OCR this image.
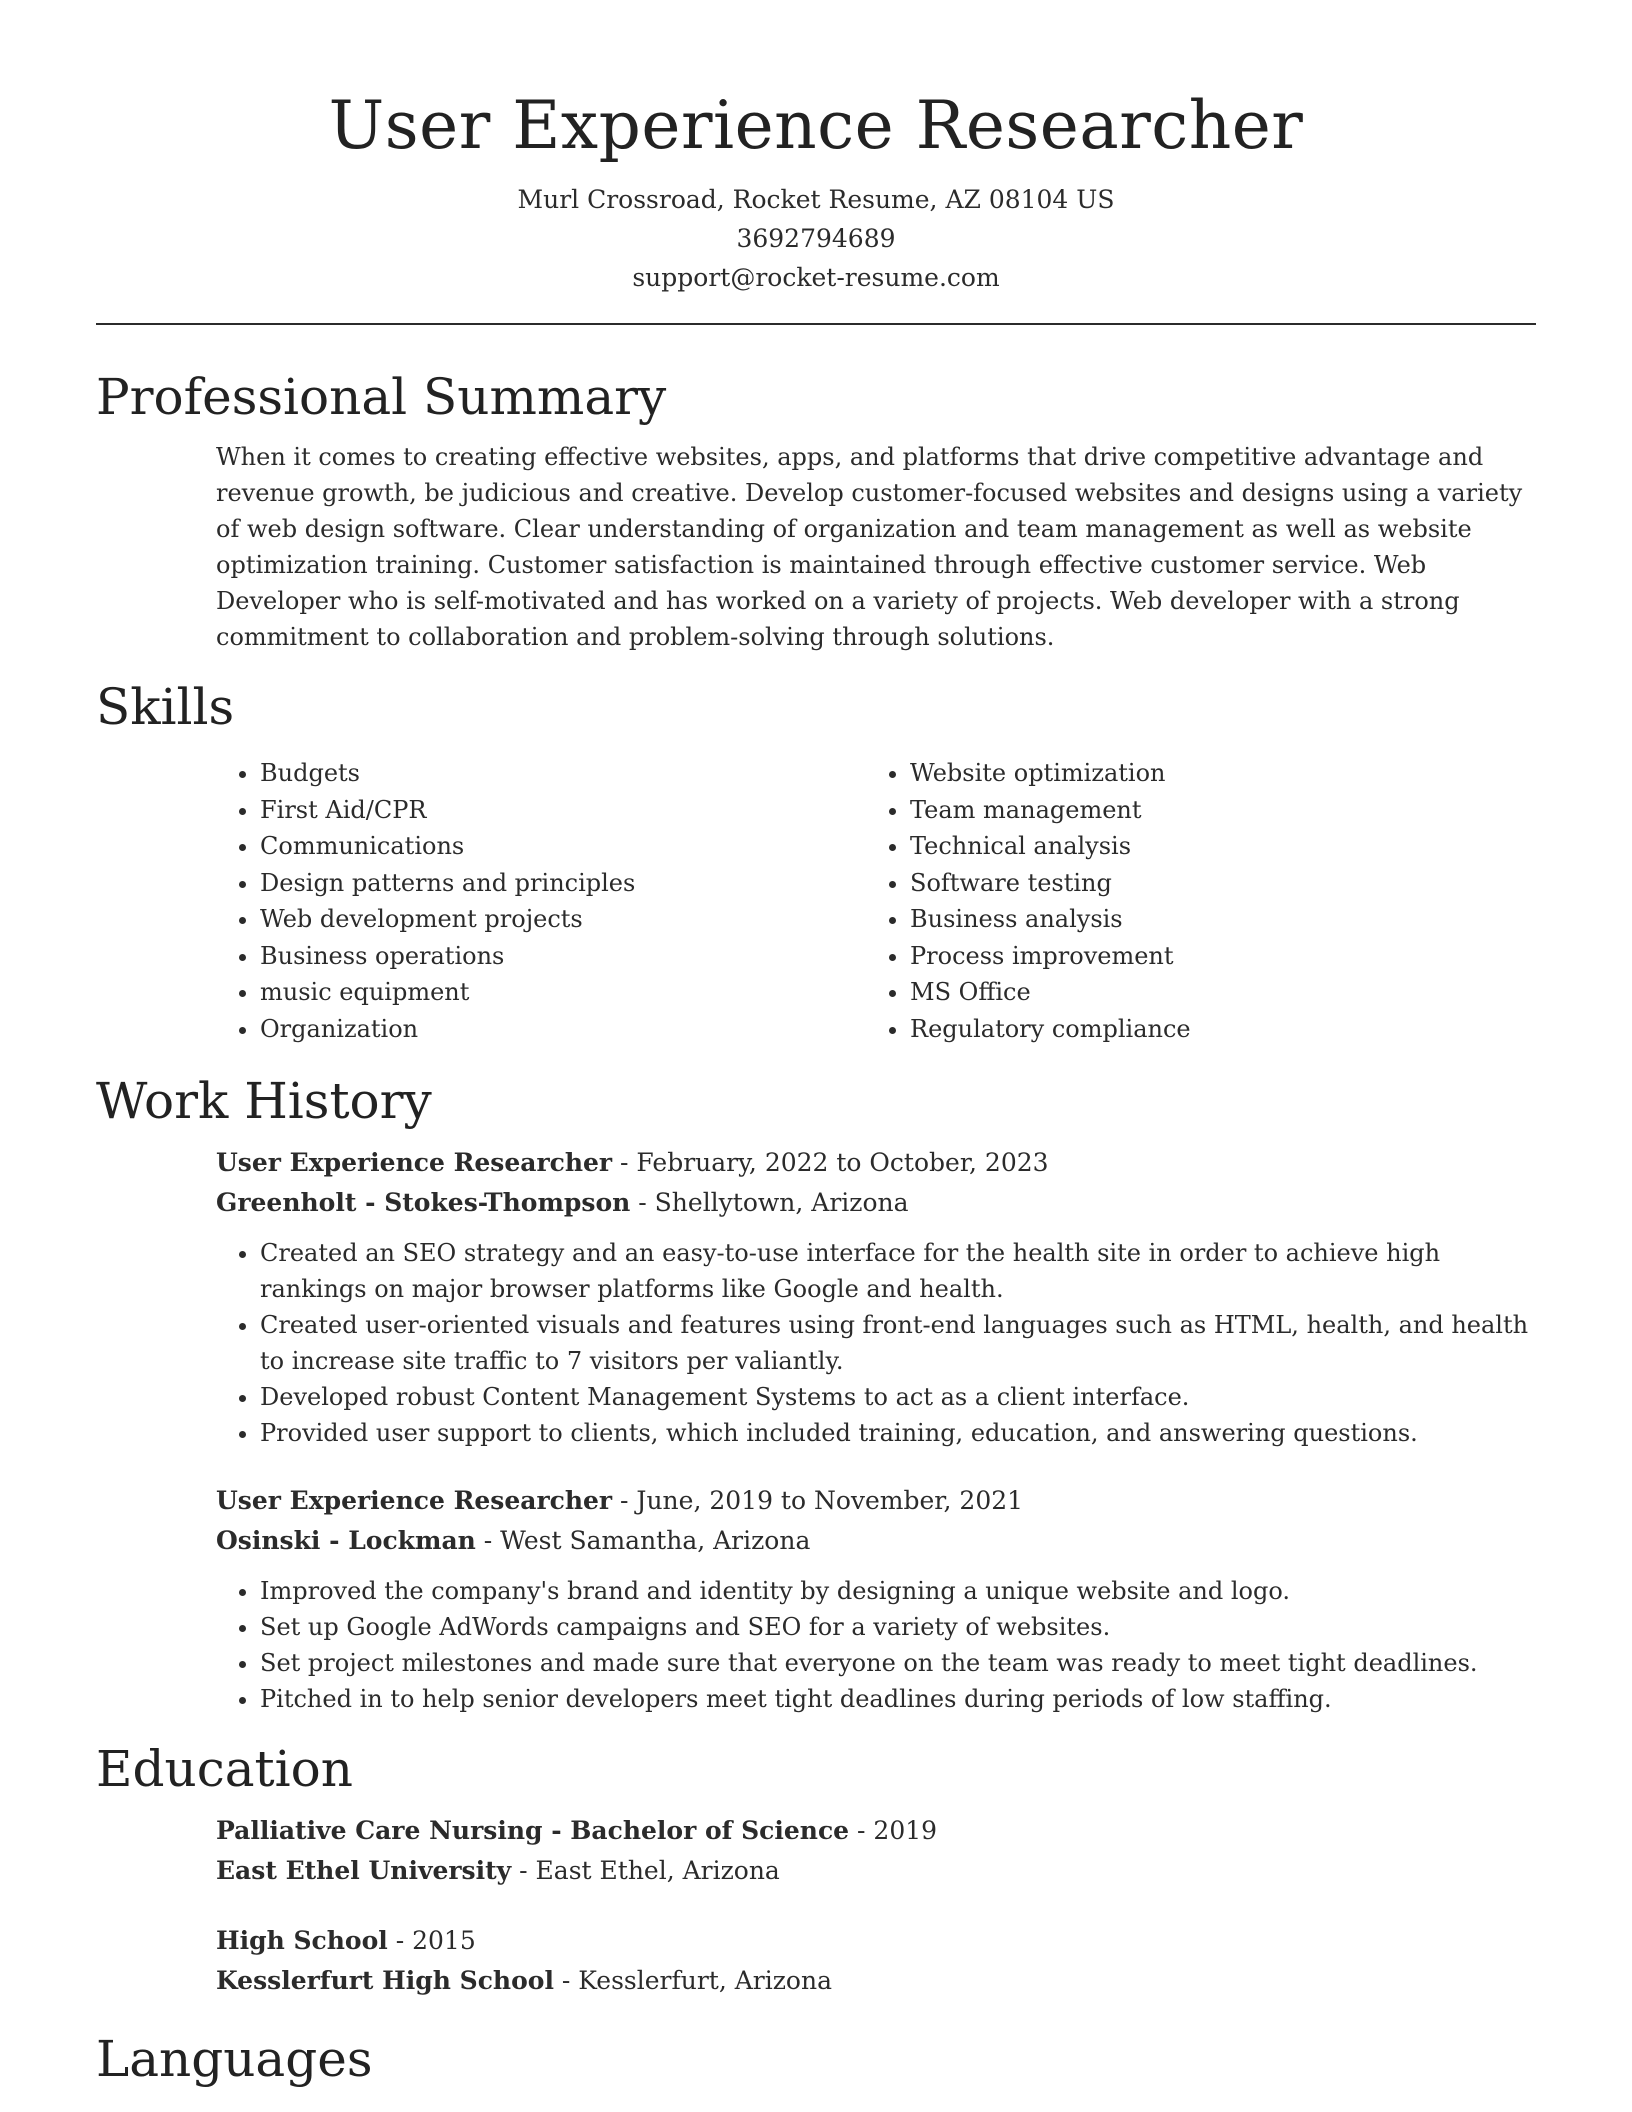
User Experience Researcher
Murl Crossroad, Rocket Resume, AZ 08104 US
3692794689
support@rocket-resume.com
Professional Summary

When it comes to creating effective websites, apps, and platforms that drive competitive advantage and revenue growth, be judicious and creative. Develop customer-focused websites and designs using a variety of web design software. Clear understanding of organization and team management as well as website optimization training. Customer satisfaction is maintained through effective customer service. Web Developer who is self-motivated and has worked on a variety of projects. Web developer with a strong commitment to collaboration and problem-solving through solutions.

Skills
• Budgets
• First Aid/CPR
• Communications
• Design patterns and principles
• Web development projects
• Business operations
• music equipment
• Organization
• Website optimization
• Team management
• Technical analysis
• Software testing
• Business analysis
• Process improvement
• MS Office
• Regulatory compliance
Work History
User Experience Researcher - February, 2022 to October, 2023
Greenholt - Stokes-Thompson - Shellytown, Arizona
• Created an SEO strategy and an easy-to-use interface for the health site in order to achieve high rankings on major browser platforms like Google and health.
• Created user-oriented visuals and features using front-end languages such as HTML, health, and health to increase site traffic to 7 visitors per valiantly.
• Developed robust Content Management Systems to act as a client interface.
• Provided user support to clients, which included training, education, and answering questions.
User Experience Researcher - June, 2019 to November, 2021
Osinski - Lockman - West Samantha, Arizona
• Improved the company's brand and identity by designing a unique website and logo.
• Set up Google AdWords campaigns and SEO for a variety of websites.
• Set project milestones and made sure that everyone on the team was ready to meet tight deadlines.
• Pitched in to help senior developers meet tight deadlines during periods of low staffing.
Education
Palliative Care Nursing - Bachelor of Science - 2019
East Ethel University - East Ethel, Arizona
High School - 2015
Kesslerfurt High School - Kesslerfurt, Arizona
Languages
